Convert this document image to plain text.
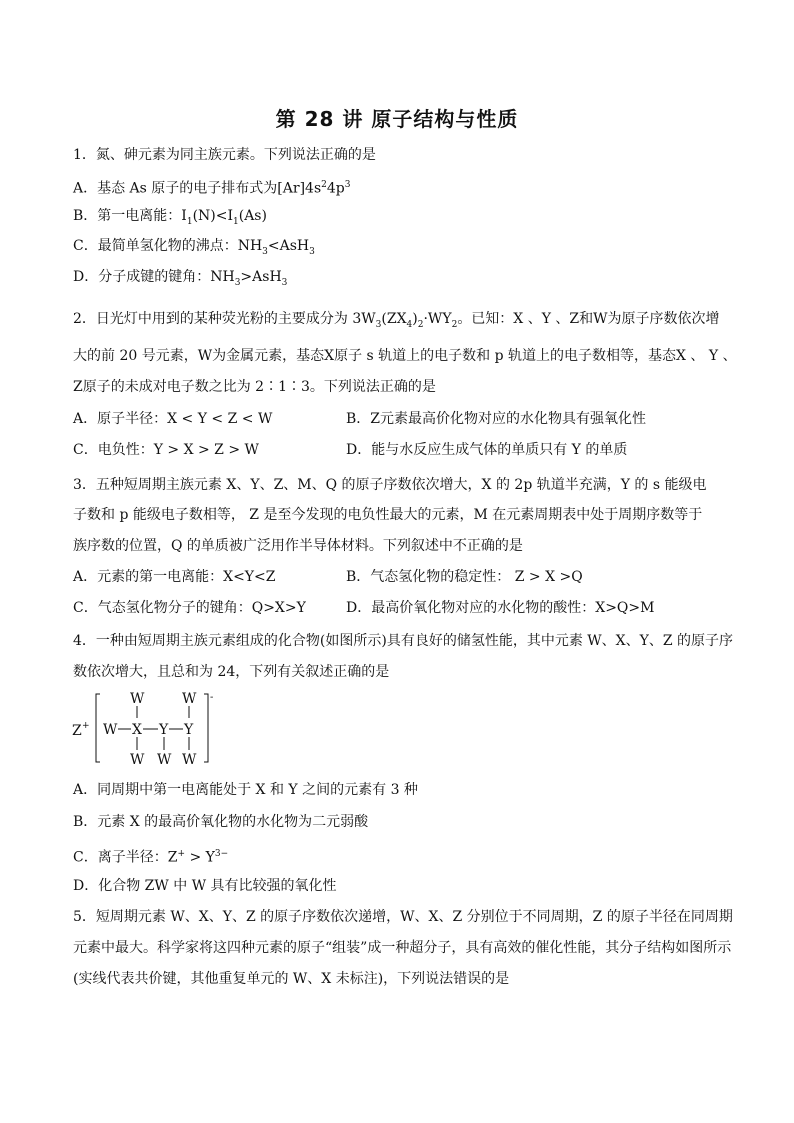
第 28 讲 原子结构与性质
1．氮、砷元素为同主族元素。下列说法正确的是
A．基态 As 原子的电子排布式为$[Ar]4s^24p^3$
B．第一电离能：$I_1(N)<I_1(As)$
C．最简单氢化物的沸点：$NH_3<AsH_3$
D．分子成键的键角：$NH_3>AsH_3$
2．日光灯中用到的某种荧光粉的主要成分为 $3W_3(ZX_4)_2\cdot WY_2$。已知：X 、Y 、Z和W为原子序数依次增
大的前 20 号元素，W为金属元素，基态X原子 s 轨道上的电子数和 p 轨道上的电子数相等，基态X 、 Y 、
Z原子的未成对电子数之比为 2∶1∶3。下列说法正确的是
A．原子半径：X < Y < Z < W	B．Z元素最高价化物对应的水化物具有强氧化性
C．电负性：Y > X > Z > W	D．能与水反应生成气体的单质只有 Y 的单质
3．五种短周期主族元素 X、Y、Z、M、Q 的原子序数依次增大，X 的 2p 轨道半充满，Y 的 s 能级电
子数和 p 能级电子数相等， Z 是至今发现的电负性最大的元素，M 在元素周期表中处于周期序数等于
族序数的位置，Q 的单质被广泛用作半导体材料。下列叙述中不正确的是
A．元素的第一电离能：X<Y<Z	B．气态氢化物的稳定性： Z > X >Q
C．气态氢化物分子的键角：Q>X>Y	D．最高价氧化物对应的水化物的酸性：X>Q>M
4．一种由短周期主族元素组成的化合物(如图所示)具有良好的储氢性能，其中元素 W、X、Y、Z 的原子序
数依次增大，且总和为 24，下列有关叙述正确的是
Z +
-
W	W
W X Y Y
W W W
A．同周期中第一电离能处于 X 和 Y 之间的元素有 3 种
B．元素 X 的最高价氧化物的水化物为二元弱酸
C．离子半径：$Z^+ > Y^{3-}$
D．化合物 ZW 中 W 具有比较强的氧化性
5．短周期元素 W、X、Y、Z 的原子序数依次递增，W、X、Z 分别位于不同周期，Z 的原子半径在同周期
元素中最大。科学家将这四种元素的原子“组装”成一种超分子，具有高效的催化性能，其分子结构如图所示
(实线代表共价键，其他重复单元的 W、X 未标注)，下列说法错误的是
